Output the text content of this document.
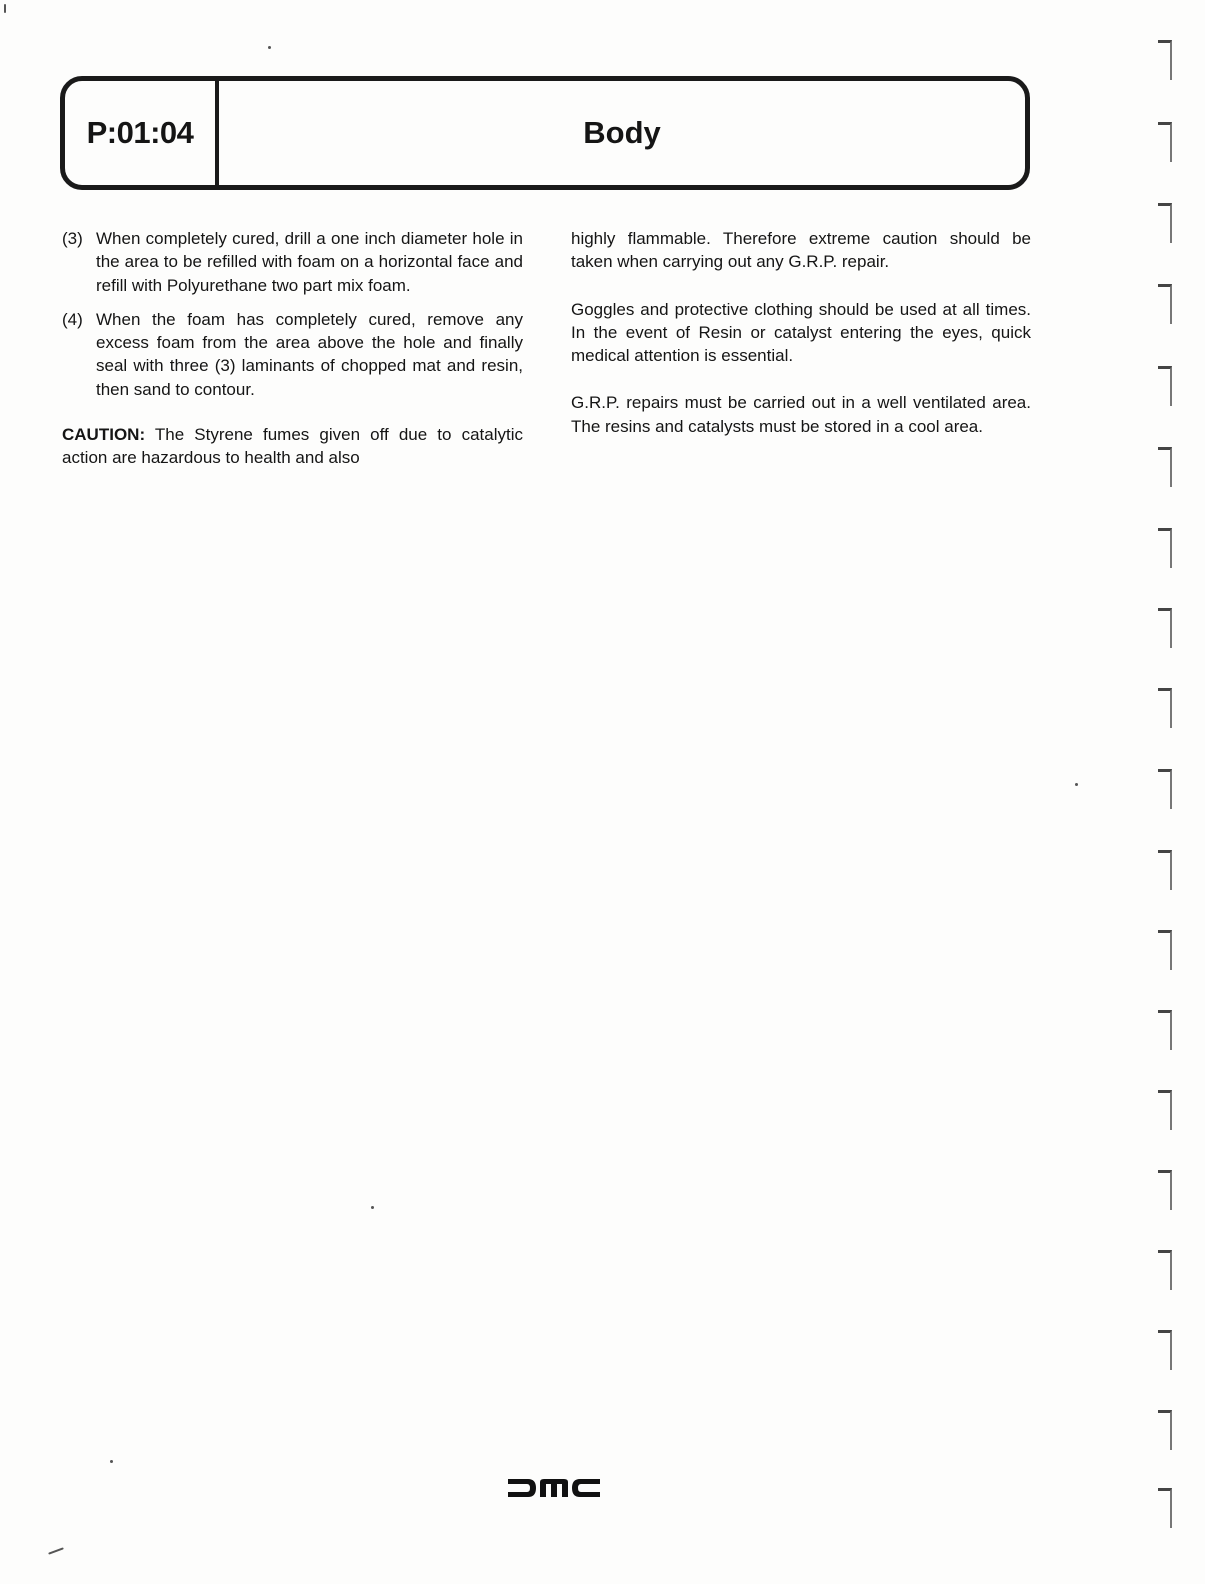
P:01:04	Body
(3) When completely cured, drill a one inch diameter hole in the area to be refilled with foam on a horizontal face and refill with Polyurethane two part mix foam.
(4) When the foam has completely cured, remove any excess foam from the area above the hole and finally seal with three (3) laminants of chopped mat and resin, then sand to contour.
CAUTION: The Styrene fumes given off due to catalytic action are hazardous to health and also

highly flammable. Therefore extreme caution should be taken when carrying out any G.R.P. repair.

Goggles and protective clothing should be used at all times. In the event of Resin or catalyst entering the eyes, quick medical attention is essential.

G.R.P. repairs must be carried out in a well ventilated area. The resins and catalysts must be stored in a cool area.
